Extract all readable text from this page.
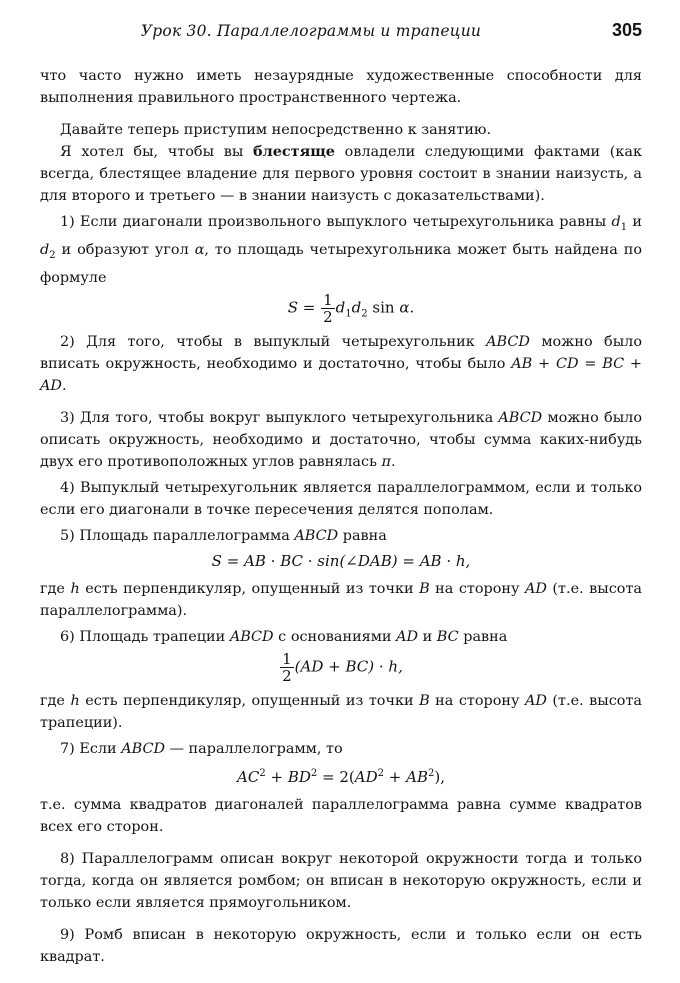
Урок 30. Параллелограммы и трапеции	305

что часто нужно иметь незаурядные художественные способности для выполнения правильного пространственного чертежа.

Давайте теперь приступим непосредственно к занятию.

Я хотел бы, чтобы вы блестяще овладели следующими фактами (как всегда, блестящее владение для первого уровня состоит в знании наизусть, а для второго и третьего — в знании наизусть с доказательствами).

1) Если диагонали произвольного выпуклого четырехугольника равны $d_1$ и $d_2$ и образуют угол α, то площадь четырехугольника может быть найдена по формуле

$S = \frac{1}{2} d_1d_2$ sin α.

2) Для того, чтобы в выпуклый четырехугольник ABCD можно было вписать окружность, необходимо и достаточно, чтобы было AB + CD = BC + AD.

3) Для того, чтобы вокруг выпуклого четырехугольника ABCD можно было описать окружность, необходимо и достаточно, чтобы сумма каких-нибудь двух его противоположных углов равнялась π.

4) Выпуклый четырехугольник является параллелограммом, если и только если его диагонали в точке пересечения делятся пополам.

5) Площадь параллелограмма ABCD равна

S = AB · BC · sin(∠DAB) = AB · h,

где h есть перпендикуляр, опущенный из точки B на сторону AD (т.е. высота параллелограмма).

6) Площадь трапеции ABCD с основаниями AD и BC равна

$\frac{1}{2} (AD + BC) \cdot h$,

где h есть перпендикуляр, опущенный из точки B на сторону AD (т.е. высота трапеции).

7) Если ABCD — параллелограмм, то

$AC^2 + BD^2 = 2(AD^2 + AB^2)$,

т.е. сумма квадратов диагоналей параллелограмма равна сумме квадратов всех его сторон.

8) Параллелограмм описан вокруг некоторой окружности тогда и только тогда, когда он является ромбом; он вписан в некоторую окружность, если и только если является прямоугольником.

9) Ромб вписан в некоторую окружность, если и только если он есть квадрат.
